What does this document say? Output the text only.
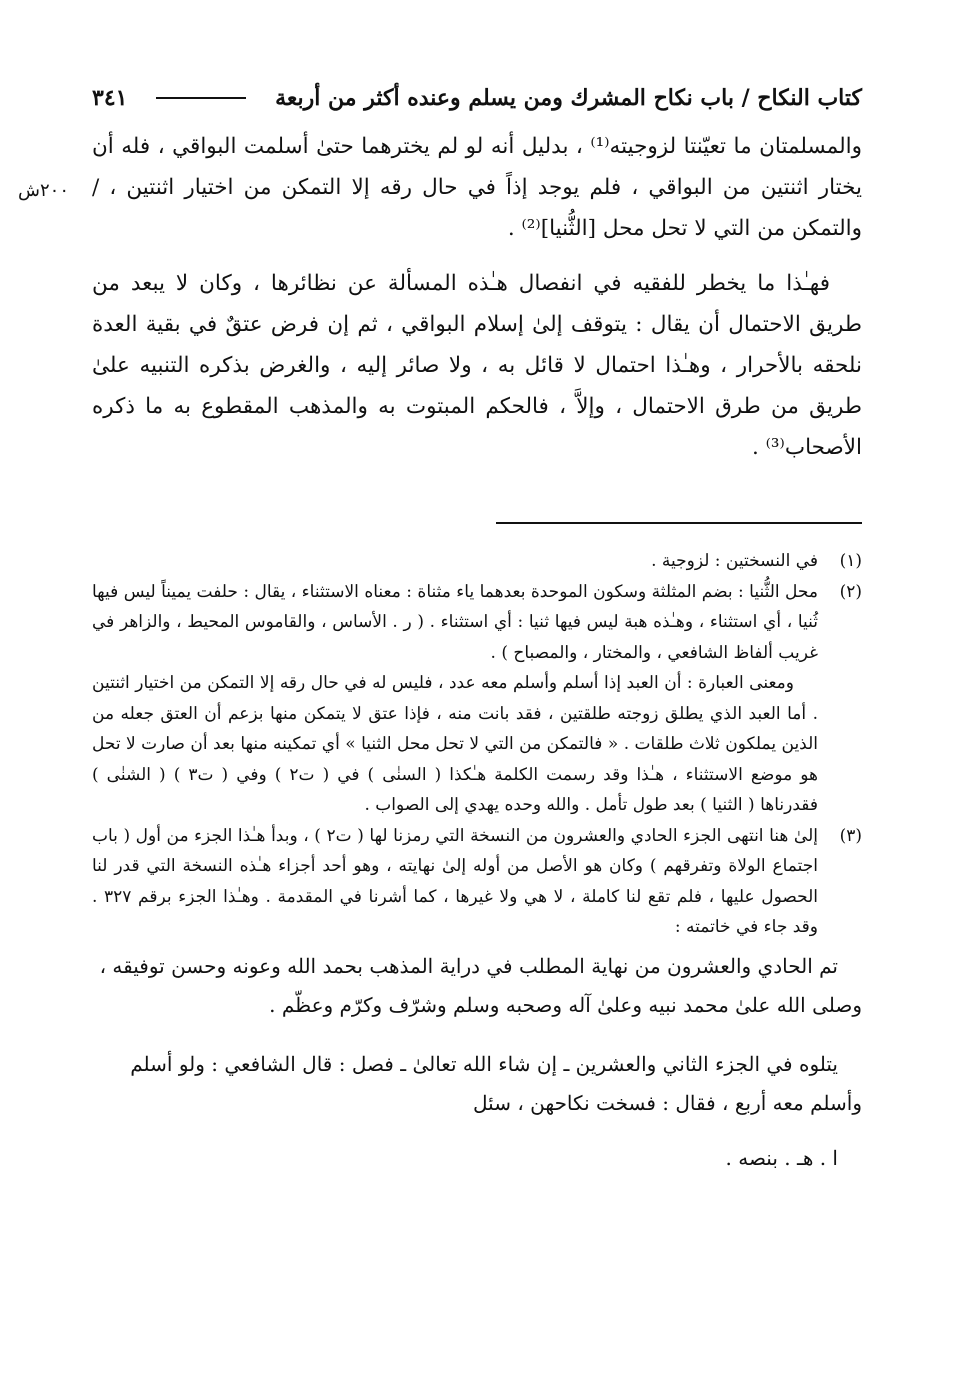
كتاب النكاح / باب نكاح المشرك ومن يسلم وعنده أكثر من أربعة
٣٤١
٢٠٠ش

والمسلمتان ما تعيّنتا لزوجيته⁽¹⁾ ، بدليل أنه لو لم يخترهما حتىٰ أسلمت البواقي ، فله أن يختار اثنتين من البواقي ، فلم يوجد إذاً في حال رقه إلا التمكن من اختيار اثنتين ، / والتمكن من التي لا تحل محل [الثُّنيا]⁽²⁾ .

فهـٰذا ما يخطر للفقيه في انفصال هـٰذه المسألة عن نظائرها ، وكان لا يبعد من طريق الاحتمال أن يقال : يتوقف إلىٰ إسلام البواقي ، ثم إن فرض عتقٌ في بقية العدة نلحقه بالأحرار ، وهـٰذا احتمال لا قائل به ، ولا صائر إليه ، والغرض بذكره التنبيه علىٰ طريق من طرق الاحتمال ، وإلاَّ ، فالحكم المبتوت به والمذهب المقطوع به ما ذكره الأصحاب⁽³⁾ .

(١)

في النسختين : لزوجية .

(٢)

محل الثُّنيا : بضم المثلثة وسكون الموحدة بعدهما ياء مثناة : معناه الاستثناء ، يقال : حلفت يميناً ليس فيها ثُنيا ، أي استثناء ، وهـٰذه هبة ليس فيها ثنيا : أي استثناء . ( ر . الأساس ، والقاموس المحيط ، والزاهر في غريب ألفاظ الشافعي ، والمختار ، والمصباح ) .

ومعنى العبارة : أن العبد إذا أسلم وأسلم معه عدد ، فليس له في حال رقه إلا التمكن من اختيار اثنتين . أما العبد الذي يطلق زوجته طلقتين ، فقد بانت منه ، فإذا عتق لا يتمكن منها بزعم أن العتق جعله من الذين يملكون ثلاث طلقات . « فالتمكن من التي لا تحل محل الثنيا » أي تمكينه منها بعد أن صارت لا تحل هو موضع الاستثناء ، هـٰذا وقد رسمت الكلمة هـٰكذا ( السنٰى ) في ( ت٢ ) وفي ( ت٣ ) ( الشنٰى ) فقدرناها ( الثنيا ) بعد طول تأمل . والله وحده يهدي إلى الصواب .

(٣)

إلىٰ هنا انتهى الجزء الحادي والعشرون من النسخة التي رمزنا لها ( ت٢ ) ، وبدأ هـٰذا الجزء من أول ( باب اجتماع الولاة وتفرقهم ) وكان هو الأصل من أوله إلىٰ نهايته ، وهو أحد أجزاء هـٰذه النسخة التي قدر لنا الحصول عليها ، فلم تقع لنا كاملة ، لا هي ولا غيرها ، كما أشرنا في المقدمة . وهـٰذا الجزء برقم ٣٢٧ . وقد جاء في خاتمته :

تم الحادي والعشرون من نهاية المطلب في دراية المذهب بحمد الله وعونه وحسن توفيقه ، وصلى الله علىٰ محمد نبيه وعلىٰ آله وصحبه وسلم وشرّف وكرّم وعظّم .

يتلوه في الجزء الثاني والعشرين ـ إن شاء الله تعالىٰ ـ فصل : قال الشافعي : ولو أسلم وأسلم معه أربع ، فقال : فسخت نكاحهن ، سئل

ا . هـ . بنصه .
